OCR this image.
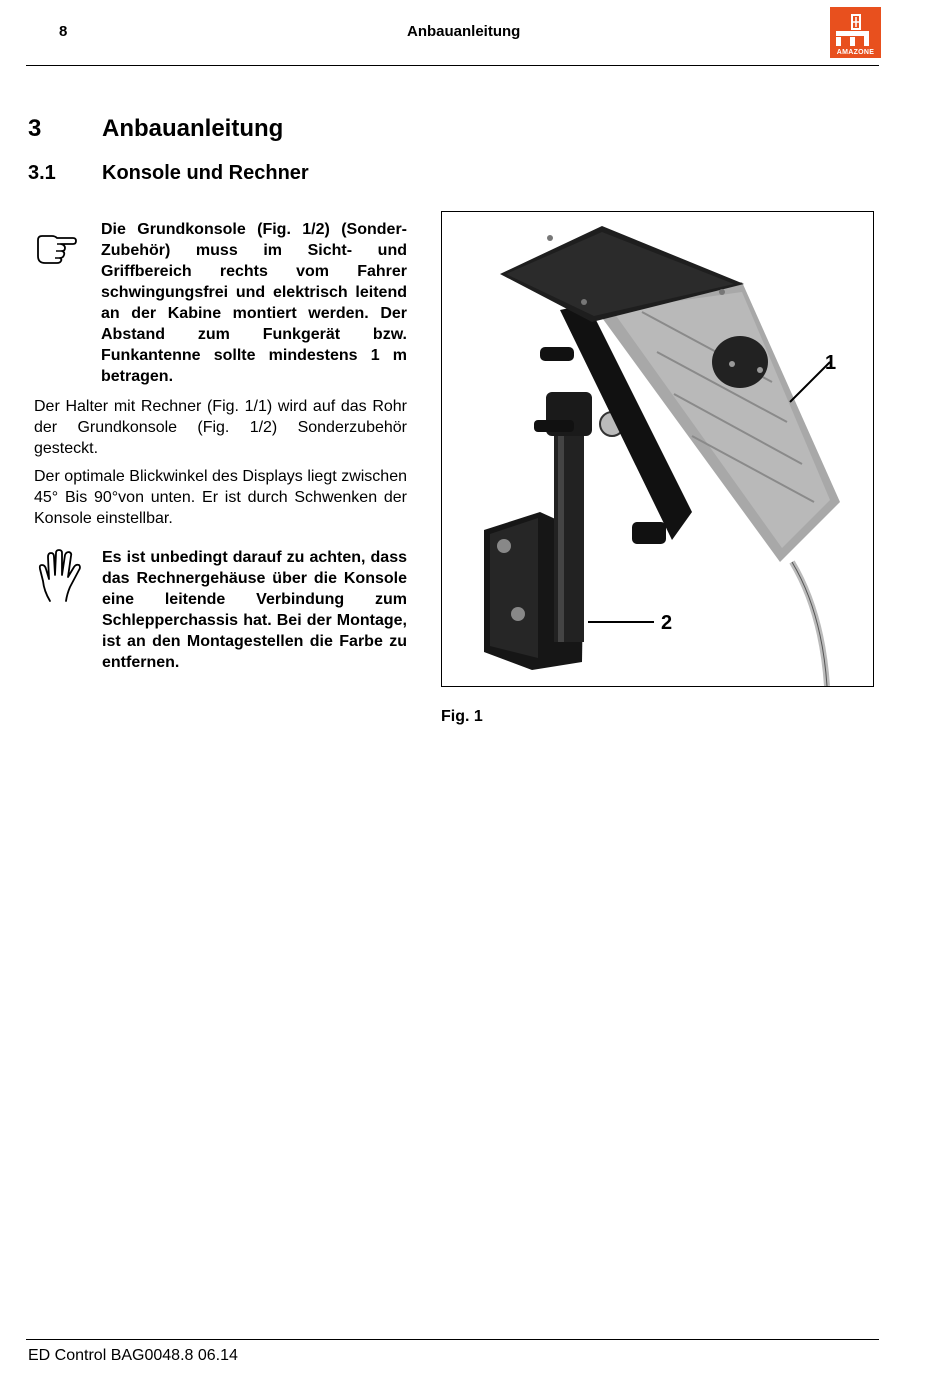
8	Anbauanleitung
AMAZONE
3	Anbauanleitung
3.1 Konsole und Rechner
Die Grundkonsole (Fig. 1/2) (Sonder-Zubehör) muss im Sicht- und Griffbereich rechts vom Fahrer schwingungsfrei und elektrisch leitend an der Kabine montiert werden. Der Abstand zum Funkgerät bzw. Funkantenne sollte mindestens 1 m betragen.
Der Halter mit Rechner (Fig. 1/1) wird auf das Rohr der Grundkonsole (Fig. 1/2) Sonderzubehör gesteckt.
Der optimale Blickwinkel des Displays liegt zwischen 45° Bis 90°von unten. Er ist durch Schwenken der Konsole einstellbar.
Es ist unbedingt darauf zu achten, dass das Rechnergehäuse über die Konsole eine leitende Verbindung zum Schlepperchassis hat. Bei der Montage, ist an den Montagestellen die Farbe zu entfernen.
1
2
Fig. 1
ED Control BAG0048.8 06.14
